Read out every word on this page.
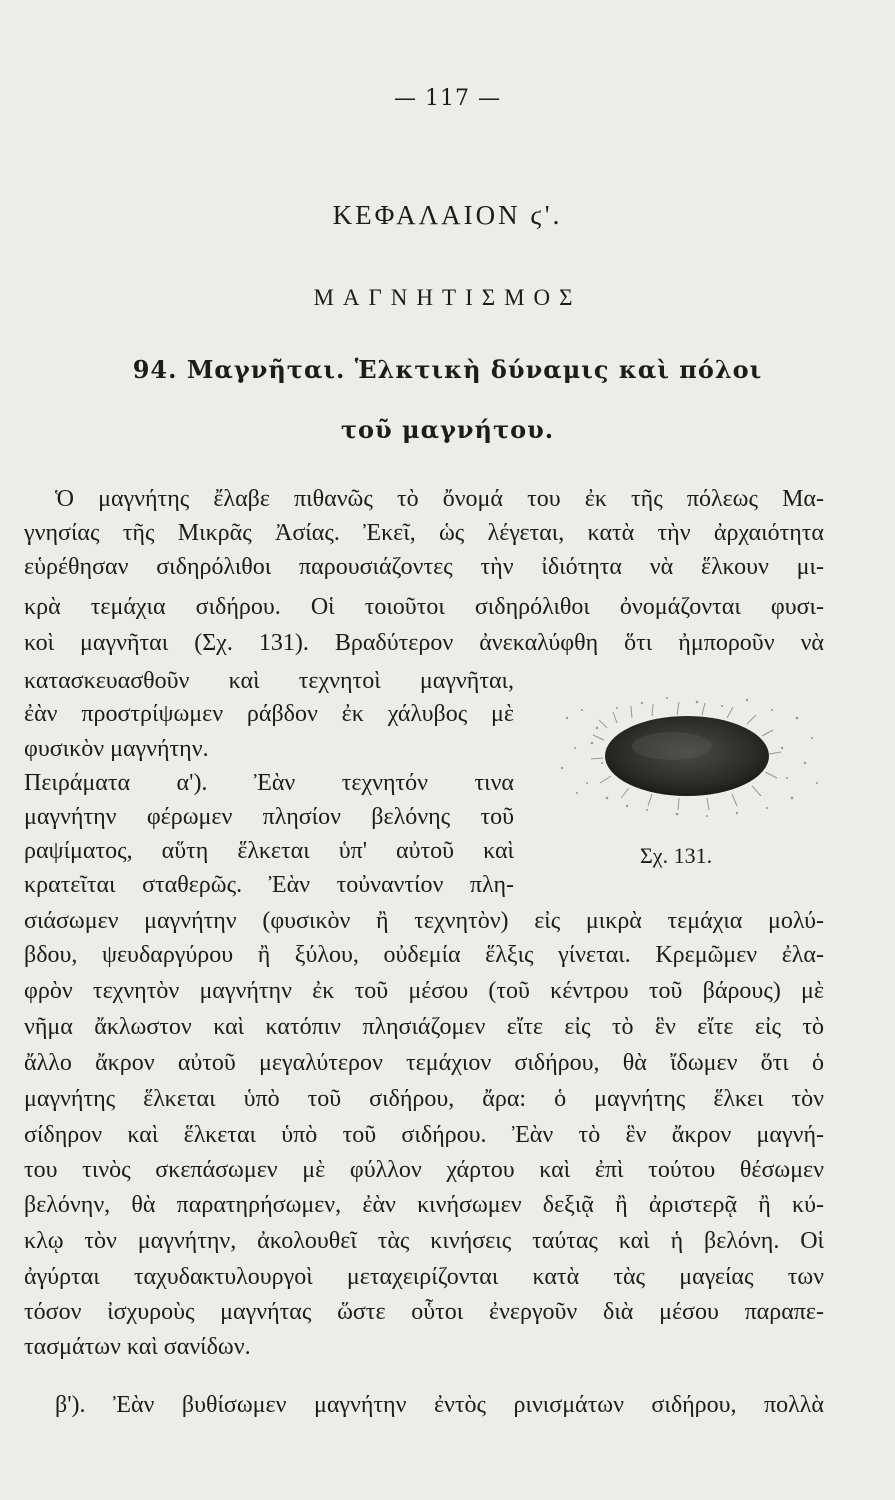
— 117 —
ΚΕΦΑΛΑΙΟΝ ϛ'.
ΜΑΓΝΗΤΙΣΜΟΣ
94. Μαγνῆται. Ἑλκτικὴ δύναμις καὶ πόλοι
τοῦ μαγνήτου.
Ὁ μαγνήτης ἔλαβε πιθανῶς τὸ ὄνομά του ἐκ τῆς πόλεως Μα-
γνησίας τῆς Μικρᾶς Ἀσίας. Ἐκεῖ, ὡς λέγεται, κατὰ τὴν ἀρχαιότητα
εὑρέθησαν σιδηρόλιθοι παρουσιάζοντες τὴν ἰδιότητα νὰ ἕλκουν μι-
κρὰ τεμάχια σιδήρου. Οἱ τοιοῦτοι σιδηρόλιθοι ὀνομάζονται φυσι-
κοὶ μαγνῆται (Σχ. 131). Βραδύτερον ἀνεκαλύφθη ὅτι ἠμποροῦν νὰ
κατασκευασθοῦν καὶ τεχνητοὶ μαγνῆται,
ἐὰν προστρίψωμεν ράβδον ἐκ χάλυβος μὲ
φυσικὸν μαγνήτην.
Πειράματα α'). Ἐὰν τεχνητόν τινα
μαγνήτην φέρωμεν πλησίον βελόνης τοῦ
ραψίματος, αὕτη ἕλκεται ὑπ' αὐτοῦ καὶ
κρατεῖται σταθερῶς. Ἐὰν τοὐναντίον πλη-
Σχ. 131.
σιάσωμεν μαγνήτην (φυσικὸν ἢ τεχνητὸν) εἰς μικρὰ τεμάχια μολύ-
βδου, ψευδαργύρου ἢ ξύλου, οὐδεμία ἕλξις γίνεται. Κρεμῶμεν ἐλα-
φρὸν τεχνητὸν μαγνήτην ἐκ τοῦ μέσου (τοῦ κέντρου τοῦ βάρους) μὲ
νῆμα ἄκλωστον καὶ κατόπιν πλησιάζομεν εἴτε εἰς τὸ ἓν εἴτε εἰς τὸ
ἄλλο ἄκρον αὐτοῦ μεγαλύτερον τεμάχιον σιδήρου, θὰ ἴδωμεν ὅτι ὁ
μαγνήτης ἕλκεται ὑπὸ τοῦ σιδήρου, ἄρα: ὁ μαγνήτης ἕλκει τὸν
σίδηρον καὶ ἕλκεται ὑπὸ τοῦ σιδήρου. Ἐὰν τὸ ἓν ἄκρον μαγνή-
του τινὸς σκεπάσωμεν μὲ φύλλον χάρτου καὶ ἐπὶ τούτου θέσωμεν
βελόνην, θὰ παρατηρήσωμεν, ἐὰν κινήσωμεν δεξιᾷ ἢ ἀριστερᾷ ἢ κύ-
κλῳ τὸν μαγνήτην, ἀκολουθεῖ τὰς κινήσεις ταύτας καὶ ἡ βελόνη. Οἱ
ἀγύρται ταχυδακτυλουργοὶ μεταχειρίζονται κατὰ τὰς μαγείας των
τόσον ἰσχυροὺς μαγνήτας ὥστε οὗτοι ἐνεργοῦν διὰ μέσου παραπε-
τασμάτων καὶ σανίδων.
β'). Ἐὰν βυθίσωμεν μαγνήτην ἐντὸς ρινισμάτων σιδήρου, πολλὰ
